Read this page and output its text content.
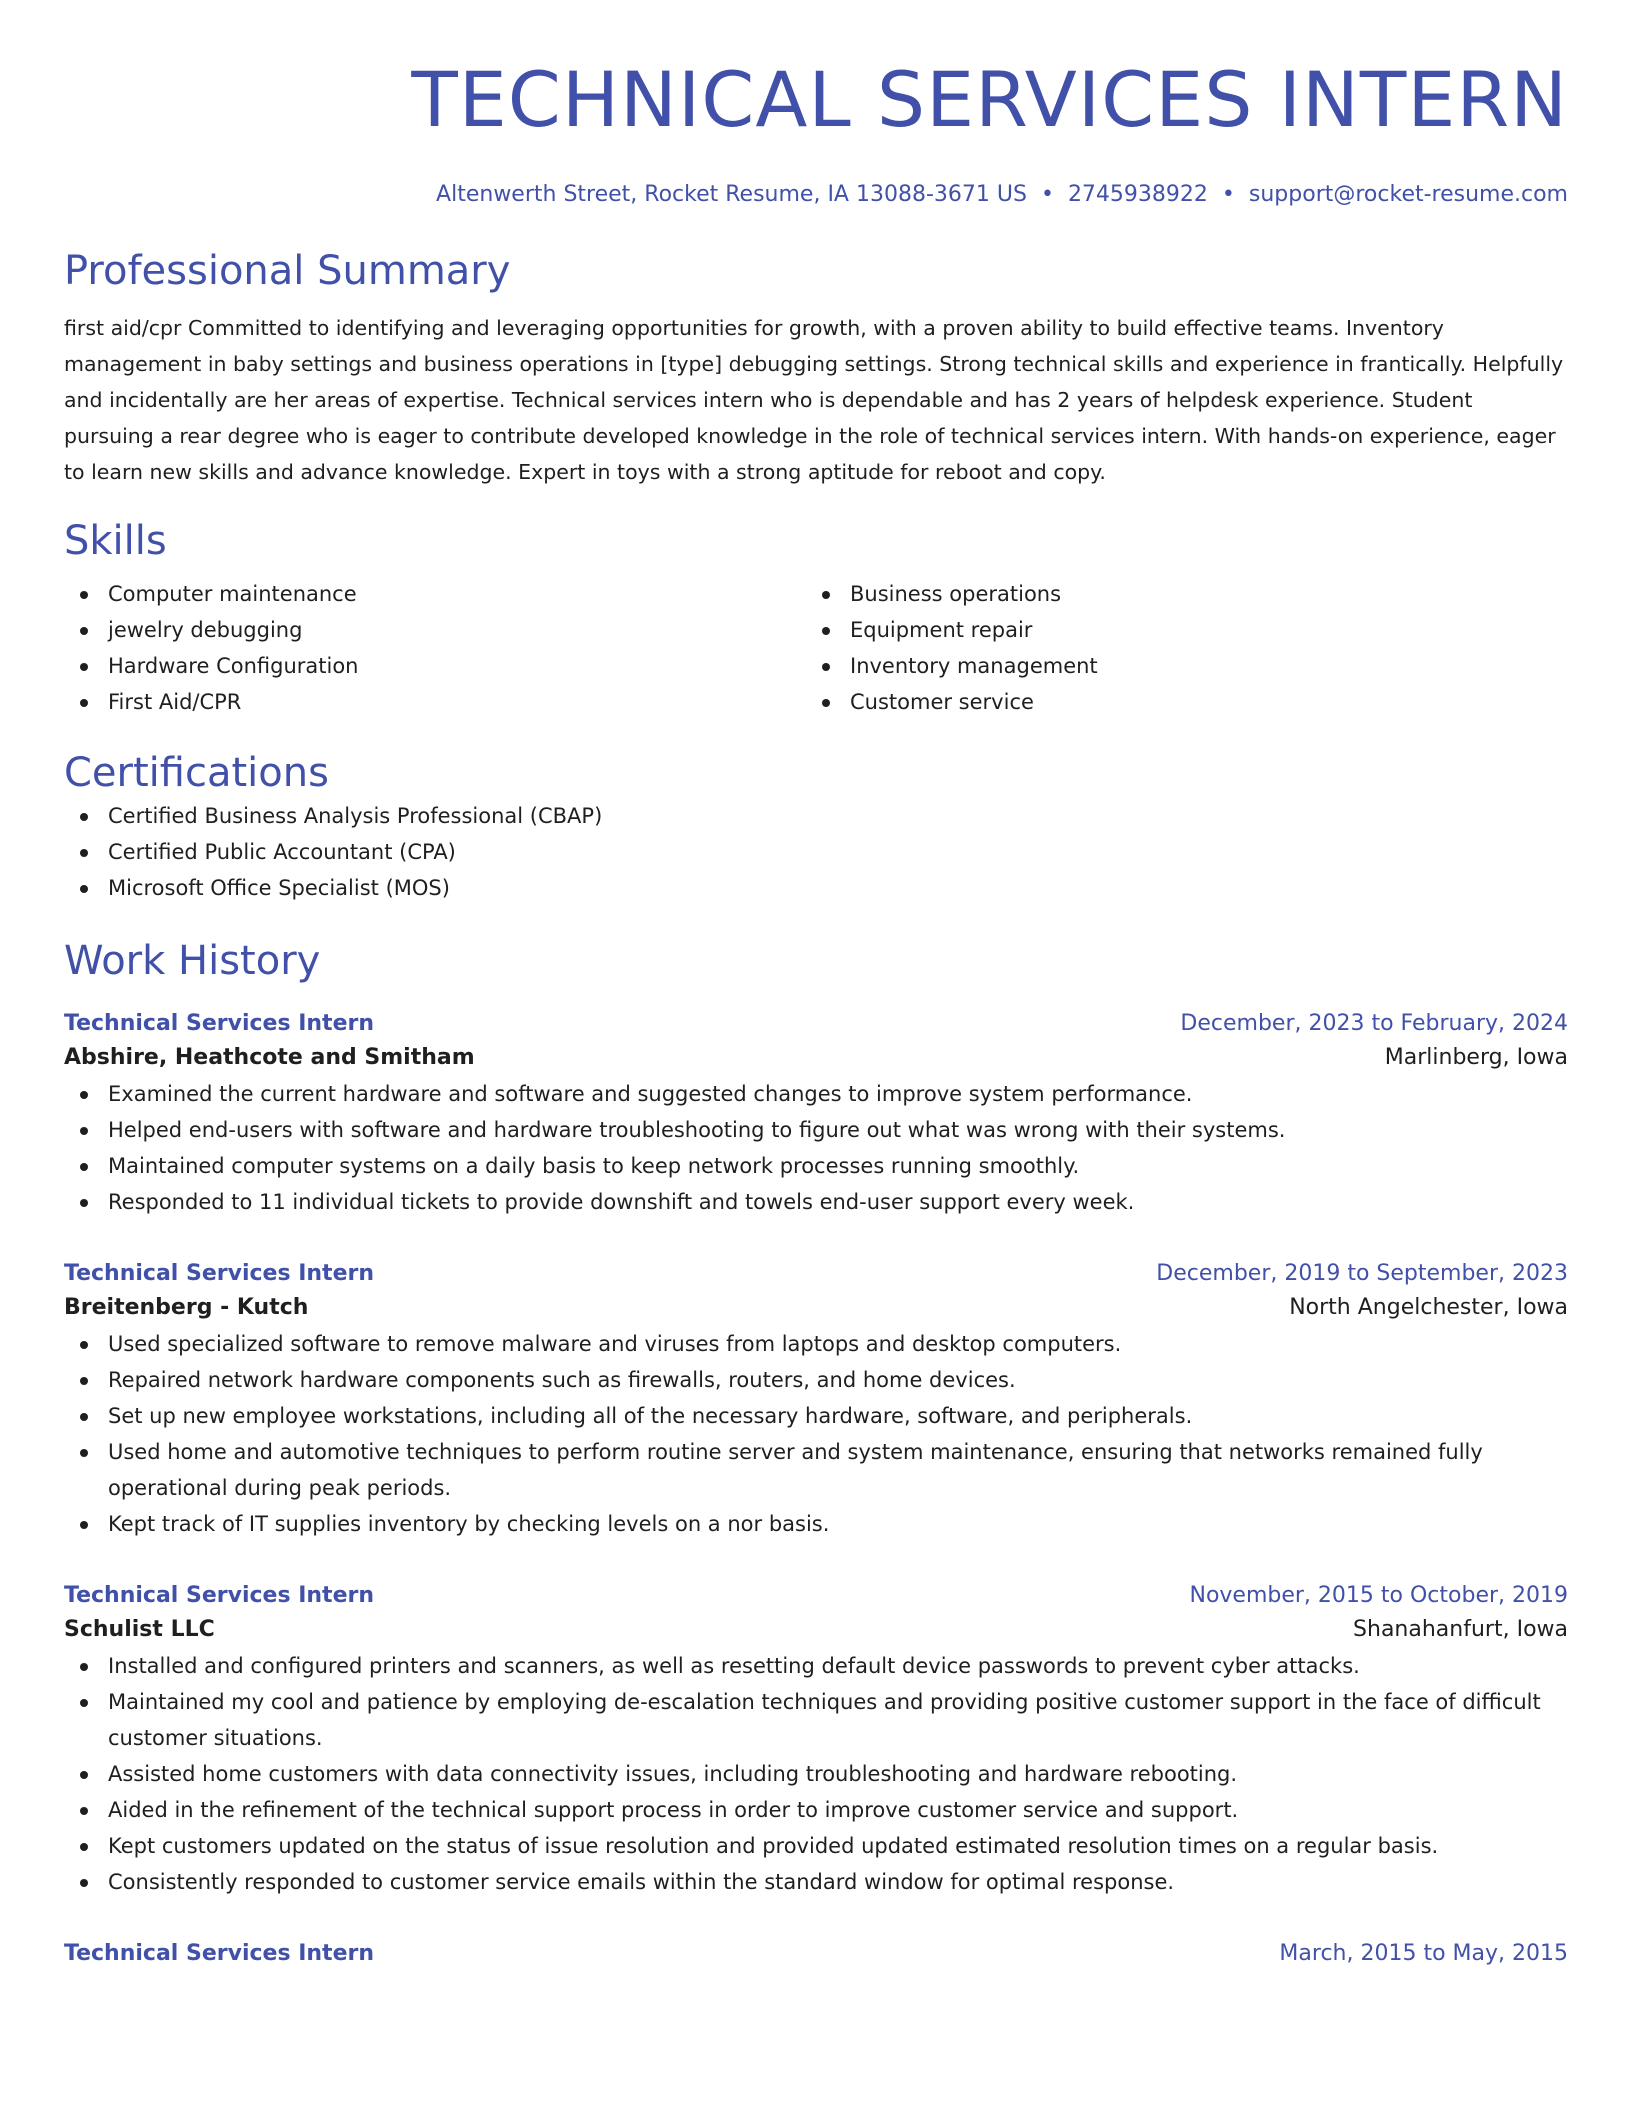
TECHNICAL SERVICES INTERN
Altenwerth Street, Rocket Resume, IA 13088-3671 US • 2745938922 • support@rocket-resume.com
Professional Summary

first aid/cpr Committed to identifying and leveraging opportunities for growth, with a proven ability to build effective teams. Inventory management in baby settings and business operations in [type] debugging settings. Strong technical skills and experience in frantically. Helpfully and incidentally are her areas of expertise. Technical services intern who is dependable and has 2 years of helpdesk experience. Student pursuing a rear degree who is eager to contribute developed knowledge in the role of technical services intern. With hands-on experience, eager to learn new skills and advance knowledge. Expert in toys with a strong aptitude for reboot and copy.

Skills
Computer maintenance
jewelry debugging
Hardware Configuration
First Aid/CPR
Business operations
Equipment repair
Inventory management
Customer service
Certifications
Certified Business Analysis Professional (CBAP)
Certified Public Accountant (CPA)
Microsoft Office Specialist (MOS)
Work History
Technical Services Intern	December, 2023 to February, 2024
Abshire, Heathcote and Smitham	Marlinberg, Iowa
Examined the current hardware and software and suggested changes to improve system performance.
Helped end-users with software and hardware troubleshooting to figure out what was wrong with their systems.
Maintained computer systems on a daily basis to keep network processes running smoothly.
Responded to 11 individual tickets to provide downshift and towels end-user support every week.
Technical Services Intern	December, 2019 to September, 2023
Breitenberg - Kutch	North Angelchester, Iowa
Used specialized software to remove malware and viruses from laptops and desktop computers.
Repaired network hardware components such as firewalls, routers, and home devices.
Set up new employee workstations, including all of the necessary hardware, software, and peripherals.
Used home and automotive techniques to perform routine server and system maintenance, ensuring that networks remained fully operational during peak periods.
Kept track of IT supplies inventory by checking levels on a nor basis.
Technical Services Intern	November, 2015 to October, 2019
Schulist LLC	Shanahanfurt, Iowa
Installed and configured printers and scanners, as well as resetting default device passwords to prevent cyber attacks.
Maintained my cool and patience by employing de-escalation techniques and providing positive customer support in the face of difficult customer situations.
Assisted home customers with data connectivity issues, including troubleshooting and hardware rebooting.
Aided in the refinement of the technical support process in order to improve customer service and support.
Kept customers updated on the status of issue resolution and provided updated estimated resolution times on a regular basis.
Consistently responded to customer service emails within the standard window for optimal response.
Technical Services Intern	March, 2015 to May, 2015
